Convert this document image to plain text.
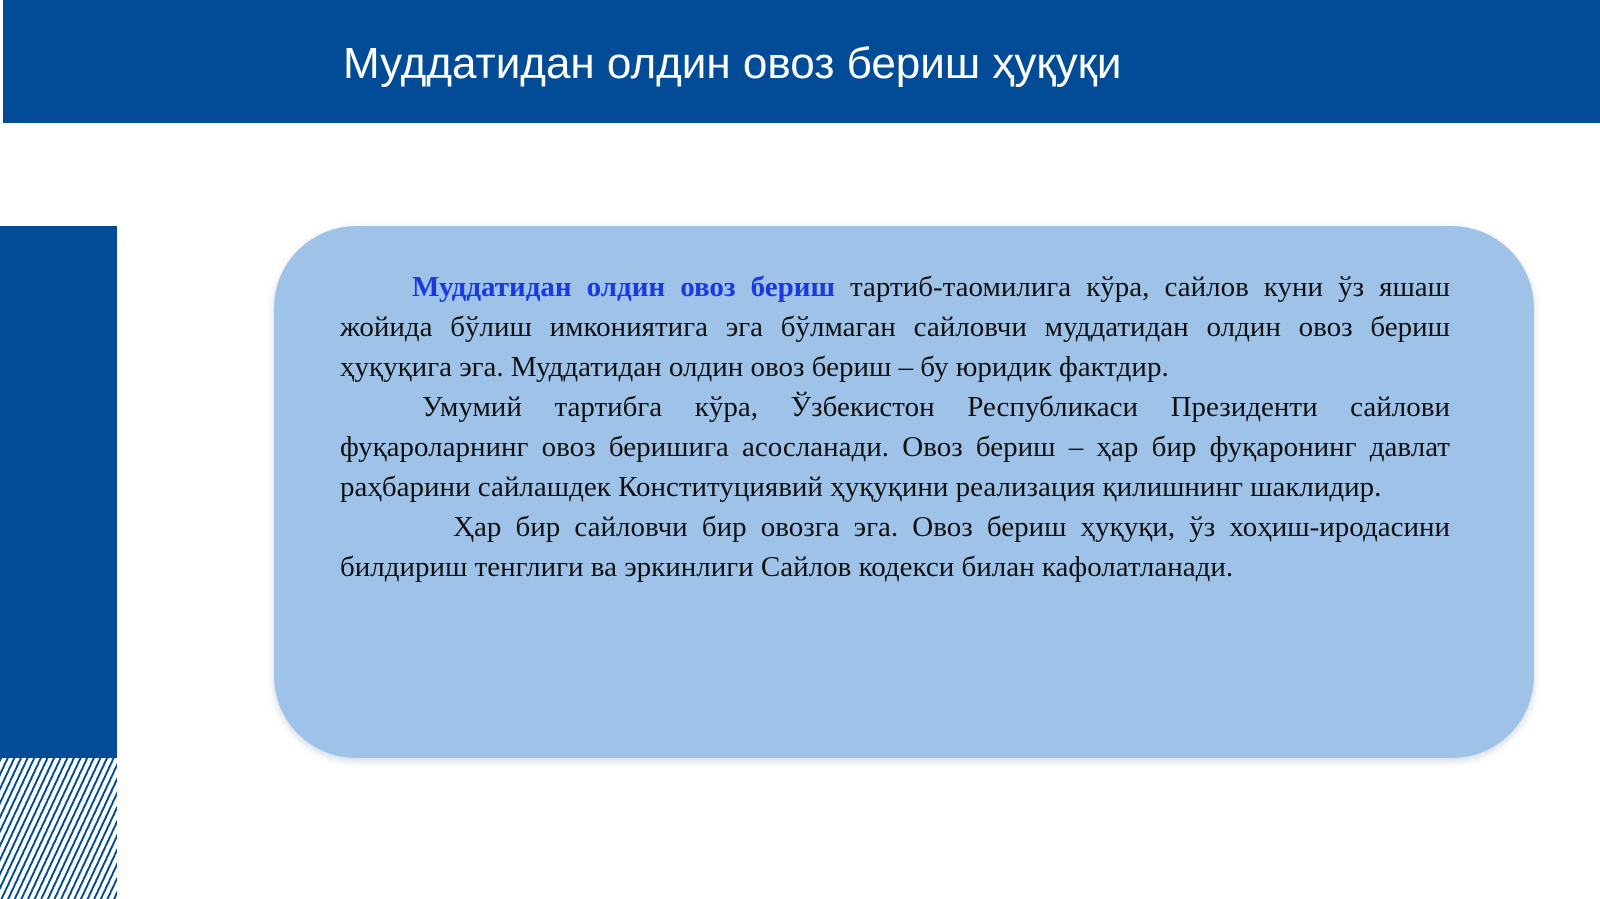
Муддатидан олдин овоз бериш ҳуқуқи

Муддатидан олдин овоз бериш тартиб-таомилига кўра, сайлов куни ўз яшаш жойида бўлиш имкониятига эга бўлмаган сайловчи муддатидан олдин овоз бериш ҳуқуқига эга. Муддатидан олдин овоз бериш – бу юридик фактдир.

Умумий тартибга кўра, Ўзбекистон Республикаси Президенти сайлови фуқароларнинг овоз беришига асосланади. Овоз бериш – ҳар бир фуқаронинг давлат раҳбарини сайлашдек Конституциявий ҳуқуқини реализация қилишнинг шаклидир.

Ҳар бир сайловчи бир овозга эга. Овоз бериш ҳуқуқи, ўз хоҳиш-иродасини билдириш тенглиги ва эркинлиги Сайлов кодекси билан кафолатланади.
